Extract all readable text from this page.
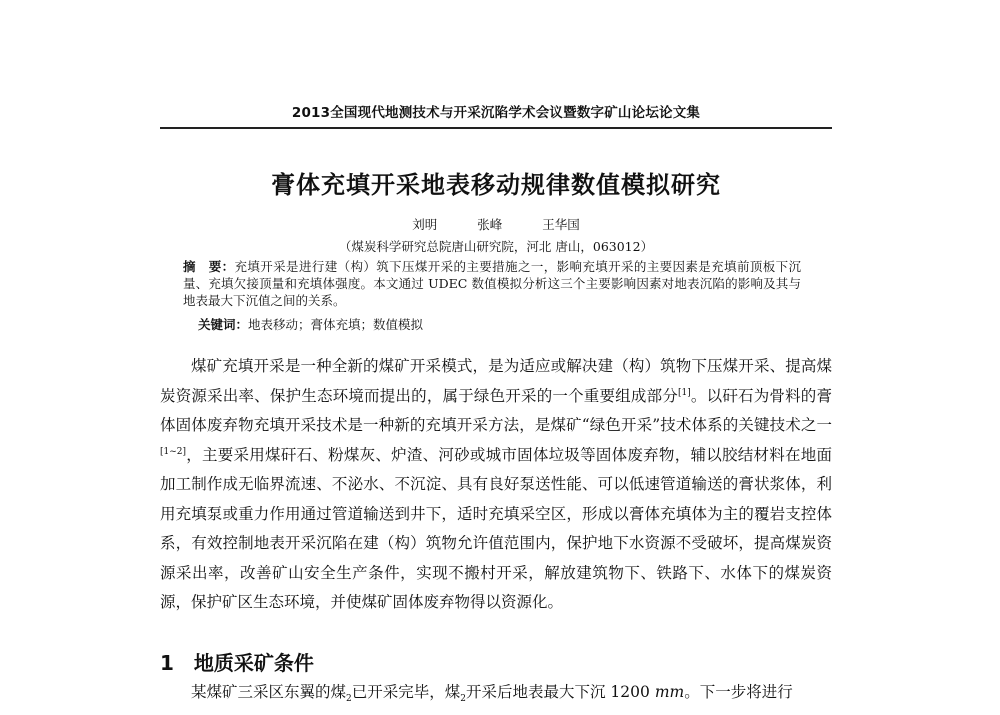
2013全国现代地测技术与开采沉陷学术会议暨数字矿山论坛论文集
膏体充填开采地表移动规律数值模拟研究
刘明	张峰	王华国
（煤炭科学研究总院唐山研究院，河北 唐山，063012）
摘　要：充填开采是进行建（构）筑下压煤开采的主要措施之一，影响充填开采的主要因素是充填前顶板下沉量、充填欠接顶量和充填体强度。本文通过 UDEC 数值模拟分析这三个主要影响因素对地表沉陷的影响及其与地表最大下沉值之间的关系。
关键词：地表移动；膏体充填；数值模拟

煤矿充填开采是一种全新的煤矿开采模式，是为适应或解决建（构）筑物下压煤开采、提高煤炭资源采出率、保护生态环境而提出的，属于绿色开采的一个重要组成部分[1]。以矸石为骨料的膏体固体废弃物充填开采技术是一种新的充填开采方法，是煤矿“绿色开采”技术体系的关键技术之一[1~2]，主要采用煤矸石、粉煤灰、炉渣、河砂或城市固体垃圾等固体废弃物，辅以胶结材料在地面加工制作成无临界流速、不泌水、不沉淀、具有良好泵送性能、可以低速管道输送的膏状浆体，利用充填泵或重力作用通过管道输送到井下，适时充填采空区，形成以膏体充填体为主的覆岩支控体系，有效控制地表开采沉陷在建（构）筑物允许值范围内，保护地下水资源不受破坏，提高煤炭资源采出率，改善矿山安全生产条件，实现不搬村开采，解放建筑物下、铁路下、水体下的煤炭资源，保护矿区生态环境，并使煤矿固体废弃物得以资源化。

1　地质采矿条件

某煤矿三采区东翼的煤$_2$已开采完毕，煤$_2$开采后地表最大下沉 1200 mm。下一步将进行
